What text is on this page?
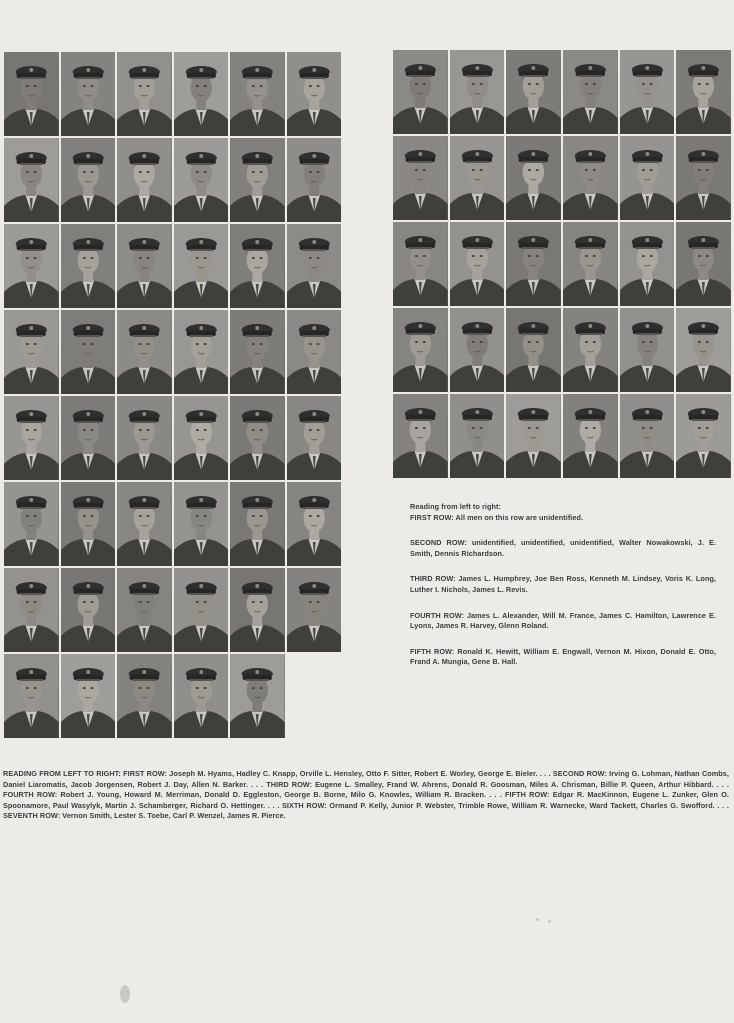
Reading from left to right:

FIRST ROW: All men on this row are unidentified.

SECOND ROW: unidentified, unidentified, unidentified, Walter Nowakowski, J. E. Smith, Dennis Richardson.

THIRD ROW: James L. Humphrey, Joe Ben Ross, Kenneth M. Lindsey, Voris K. Long, Luther I. Nichols, James L. Revis.

FOURTH ROW: James L. Alexander, Will M. France, James C. Hamilton, Lawrence E. Lyons, James R. Harvey, Glenn Roland.

FIFTH ROW: Ronald K. Hewitt, William E. Engwall, Vernon M. Hixon, Donald E. Otto, Frand A. Mungia, Gene B. Hall.

READING FROM LEFT TO RIGHT: FIRST ROW: Joseph M. Hyams, Hadley C. Knapp, Orville L. Hensley, Otto F. Sitter, Robert E. Worley, George E. Bieler. . . . SECOND ROW: Irving G. Lohman, Nathan Combs, Daniel Liaromatis, Jacob Jorgensen, Robert J. Day, Allen N. Barker. . . . THIRD ROW: Eugene L. Smalley, Frand W. Ahrens, Donald R. Goosman, Miles A. Chrisman, Billie P. Queen, Arthur Hibbard. . . . FOURTH ROW: Robert J. Young, Howard M. Merriman, Donald D. Eggleston, George B. Borne, Milo G. Knowles, William R. Bracken. . . . FIFTH ROW: Edgar R. MacKinnon, Eugene L. Zunker, Glen O. Spoonamore, Paul Wasylyk, Martin J. Schamberger, Richard O. Hettinger. . . . SIXTH ROW: Ormand P. Kelly, Junior P. Webster, Trimble Rowe, William R. Warnecke, Ward Tackett, Charles G. Swofford. . . . SEVENTH ROW: Vernon Smith, Lester S. Toebe, Carl P. Wenzel, James R. Pierce.
